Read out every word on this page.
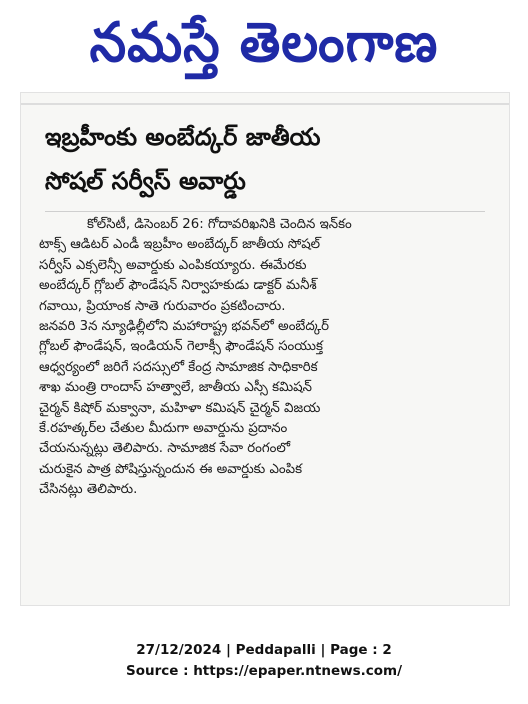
నమస్తే తెలంగాణ
ఇబ్రహీంకు అంబేద్కర్ జాతీయ
సోషల్ సర్వీస్ అవార్డు
కోల్‌సిటీ, డిసెంబర్ 26: గోదావరిఖనికి చెందిన ఇన్‌కం
టాక్స్ ఆడిటర్ ఎండీ ఇబ్రహీం అంబేద్కర్ జాతీయ సోషల్
సర్వీస్ ఎక్సలెన్సీ అవార్డుకు ఎంపికయ్యారు. ఈమేరకు
అంబేద్కర్ గ్లోబల్ ఫౌండేషన్ నిర్వాహకుడు డాక్టర్ మనీశ్
గవాయి, ప్రియాంక సాతె గురువారం ప్రకటించారు.
జనవరి 3న న్యూఢిల్లీలోని మహారాష్ట్ర భవన్‌లో అంబేద్కర్
గ్లోబల్ ఫౌండేషన్, ఇండియన్ గెలాక్సీ ఫౌండేషన్ సంయుక్త
ఆధ్వర్యంలో జరిగే సదస్సులో కేంద్ర సామాజిక సాధికారిక
శాఖ మంత్రి రాందాస్ హత్వాలే, జాతీయ ఎస్సీ కమిషన్
చైర్మన్ కిషోర్ మక్వానా, మహిళా కమిషన్ చైర్మన్ విజయ
కే.రహత్కర్‌ల చేతుల మీదుగా అవార్డును ప్రదానం
చేయనున్నట్లు తెలిపారు. సామాజిక సేవా రంగంలో
చురుకైన పాత్ర పోషిస్తున్నందున ఈ అవార్డుకు ఎంపిక
చేసినట్లు తెలిపారు.
27/12/2024 | Peddapalli | Page : 2
Source : https://epaper.ntnews.com/
